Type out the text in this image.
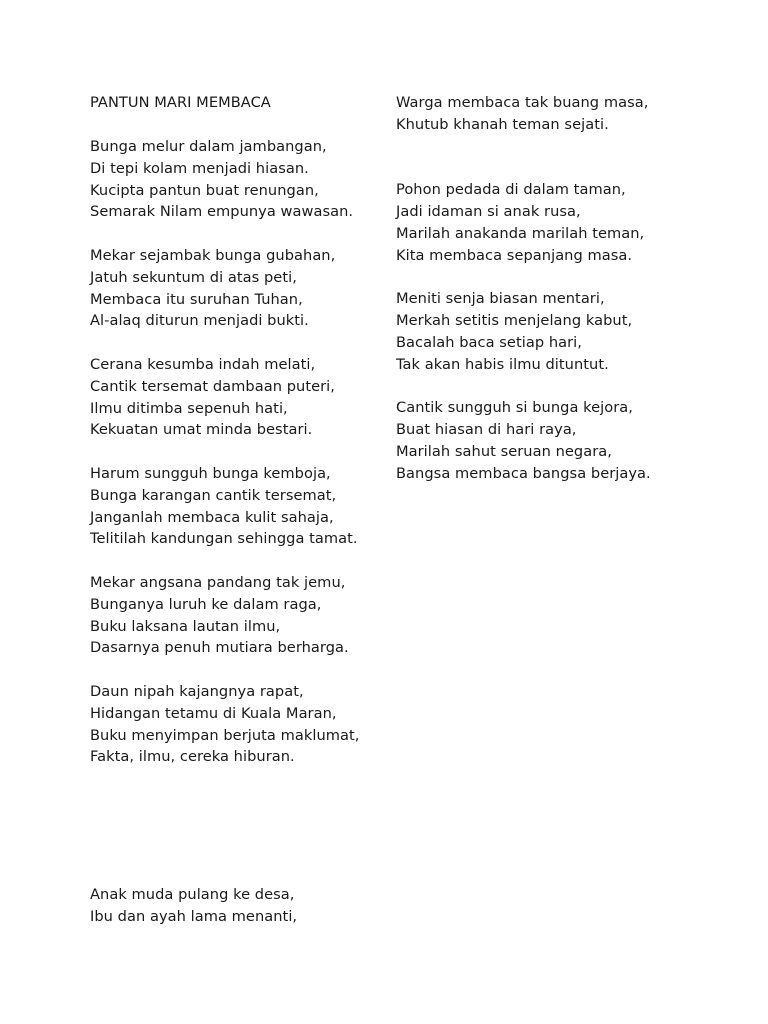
PANTUN MARI MEMBACA
Bunga melur dalam jambangan,
Di tepi kolam menjadi hiasan.
Kucipta pantun buat renungan,
Semarak Nilam empunya wawasan.
Mekar sejambak bunga gubahan,
Jatuh sekuntum di atas peti,
Membaca itu suruhan Tuhan,
Al-alaq diturun menjadi bukti.
Cerana kesumba indah melati,
Cantik tersemat dambaan puteri,
Ilmu ditimba sepenuh hati,
Kekuatan umat minda bestari.
Harum sungguh bunga kemboja,
Bunga karangan cantik tersemat,
Janganlah membaca kulit sahaja,
Telitilah kandungan sehingga tamat.
Mekar angsana pandang tak jemu,
Bunganya luruh ke dalam raga,
Buku laksana lautan ilmu,
Dasarnya penuh mutiara berharga.
Daun nipah kajangnya rapat,
Hidangan tetamu di Kuala Maran,
Buku menyimpan berjuta maklumat,
Fakta, ilmu, cereka hiburan.
Anak muda pulang ke desa,
Ibu dan ayah lama menanti,
Warga membaca tak buang masa,
Khutub khanah teman sejati.
Pohon pedada di dalam taman,
Jadi idaman si anak rusa,
Marilah anakanda marilah teman,
Kita membaca sepanjang masa.
Meniti senja biasan mentari,
Merkah setitis menjelang kabut,
Bacalah baca setiap hari,
Tak akan habis ilmu dituntut.
Cantik sungguh si bunga kejora,
Buat hiasan di hari raya,
Marilah sahut seruan negara,
Bangsa membaca bangsa berjaya.
